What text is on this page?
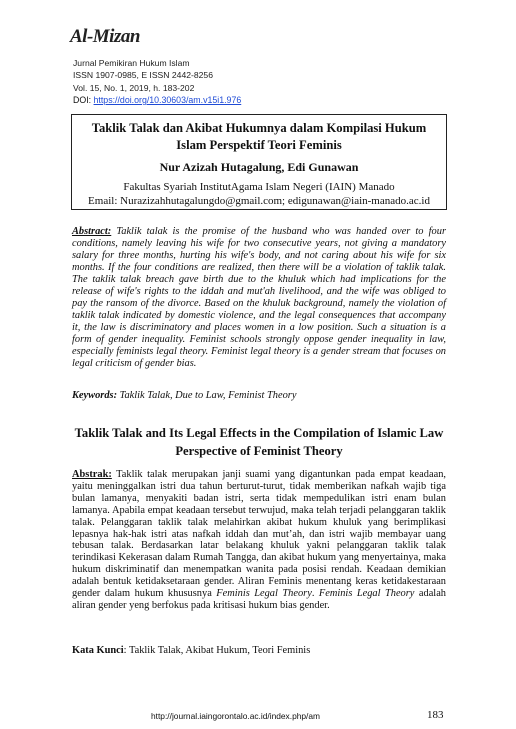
Al-Mizan
Jurnal Pemikiran Hukum Islam
ISSN 1907-0985, E ISSN 2442-8256
Vol. 15, No. 1, 2019, h. 183-202
DOI: https://doi.org/10.30603/am.v15i1.976
Taklik Talak dan Akibat Hukumnya dalam Kompilasi Hukum Islam Perspektif Teori Feminis
Nur Azizah Hutagalung, Edi Gunawan
Fakultas Syariah InstitutAgama Islam Negeri (IAIN) Manado
Email: Nurazizahhutagalungdo@gmail.com; edigunawan@iain-manado.ac.id
Abstract: Taklik talak is the promise of the husband who was handed over to four conditions, namely leaving his wife for two consecutive years, not giving a mandatory salary for three months, hurting his wife's body, and not caring about his wife for six months. If the four conditions are realized, then there will be a violation of taklik talak. The taklik talak breach gave birth due to the khuluk which had implications for the release of wife's rights to the iddah and mut'ah livelihood, and the wife was obliged to pay the ransom of the divorce. Based on the khuluk background, namely the violation of taklik talak indicated by domestic violence, and the legal consequences that accompany it, the law is discriminatory and places women in a low position. Such a situation is a form of gender inequality. Feminist schools strongly oppose gender inequality in law, especially feminists legal theory. Feminist legal theory is a gender stream that focuses on legal criticism of gender bias.
Keywords: Taklik Talak, Due to Law, Feminist Theory
Taklik Talak and Its Legal Effects in the Compilation of Islamic Law Perspective of Feminist Theory
Abstrak: Taklik talak merupakan janji suami yang digantunkan pada empat keadaan, yaitu meninggalkan istri dua tahun berturut-turut, tidak memberikan nafkah wajib tiga bulan lamanya, menyakiti badan istri, serta tidak mempedulikan istri enam bulan lamanya. Apabila empat keadaan tersebut terwujud, maka telah terjadi pelanggaran taklik talak. Pelanggaran taklik talak melahirkan akibat hukum khuluk yang berimplikasi lepasnya hak-hak istri atas nafkah iddah dan mut’ah, dan istri wajib membayar uang tebusan talak. Berdasarkan latar belakang khuluk yakni pelanggaran taklik talak terindikasi Kekerasan dalam Rumah Tangga, dan akibat hukum yang menyertainya, maka hukum diskriminatif dan menempatkan wanita pada posisi rendah. Keadaan demikian adalah bentuk ketidaksetaraan gender. Aliran Feminis menentang keras ketidakestaraan gender dalam hukum khususnya Feminis Legal Theory. Feminis Legal Theory adalah aliran gender yeng berfokus pada kritisasi hukum bias gender.
Kata Kunci: Taklik Talak, Akibat Hukum, Teori Feminis
http://journal.iaingorontalo.ac.id/index.php/am	183
